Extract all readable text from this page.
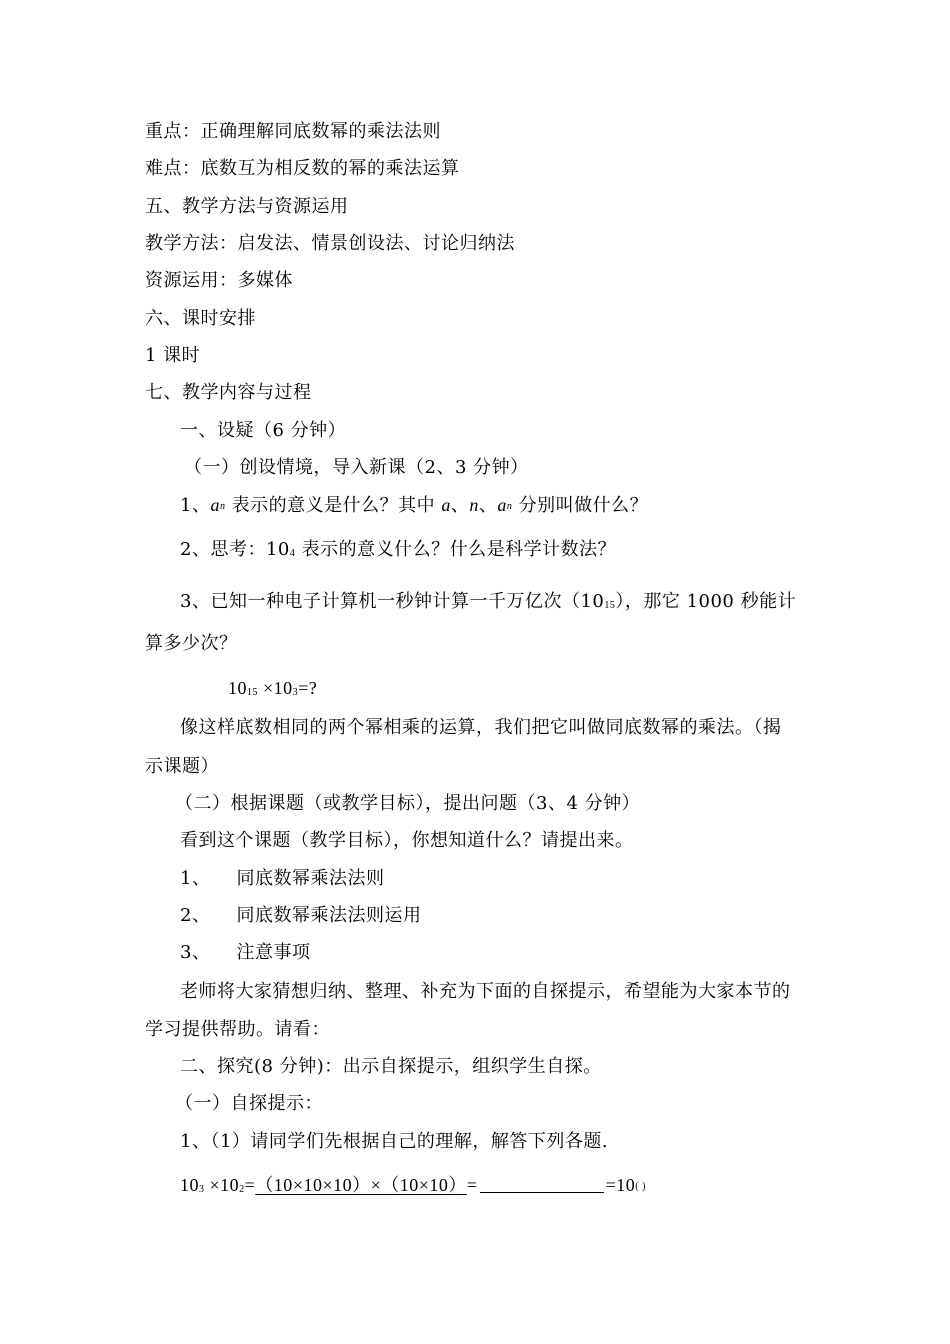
重点：正确理解同底数幂的乘法法则
难点：底数互为相反数的幂的乘法运算
五、教学方法与资源运用
教学方法：启发法、情景创设法、讨论归纳法
资源运用：多媒体
六、课时安排
1 课时
七、教学内容与过程
一、设疑（6 分钟）
（一）创设情境，导入新课（2、3 分钟）
1、an 表示的意义是什么？其中 a、n、an 分别叫做什么？
2、思考：104 表示的意义什么？什么是科学计数法？
3、已知一种电子计算机一秒钟计算一千万亿次（1015），那它 1000 秒能计
算多少次？
1015 ×103=?
像这样底数相同的两个幂相乘的运算，我们把它叫做同底数幂的乘法。（揭
示课题）
（二）根据课题（或教学目标），提出问题（3、4 分钟）
看到这个课题（教学目标），你想知道什么？请提出来。
1、 同底数幂乘法法则
2、 同底数幂乘法法则运用
3、 注意事项
老师将大家猜想归纳、整理、补充为下面的自探提示，希望能为大家本节的
学习提供帮助。请看：
二、探究(8 分钟)：出示自探提示，组织学生自探。
（一）自探提示：
1、（1）请同学们先根据自己的理解，解答下列各题.
103 ×102=（10×10×10）×（10×10）=	=10( )
